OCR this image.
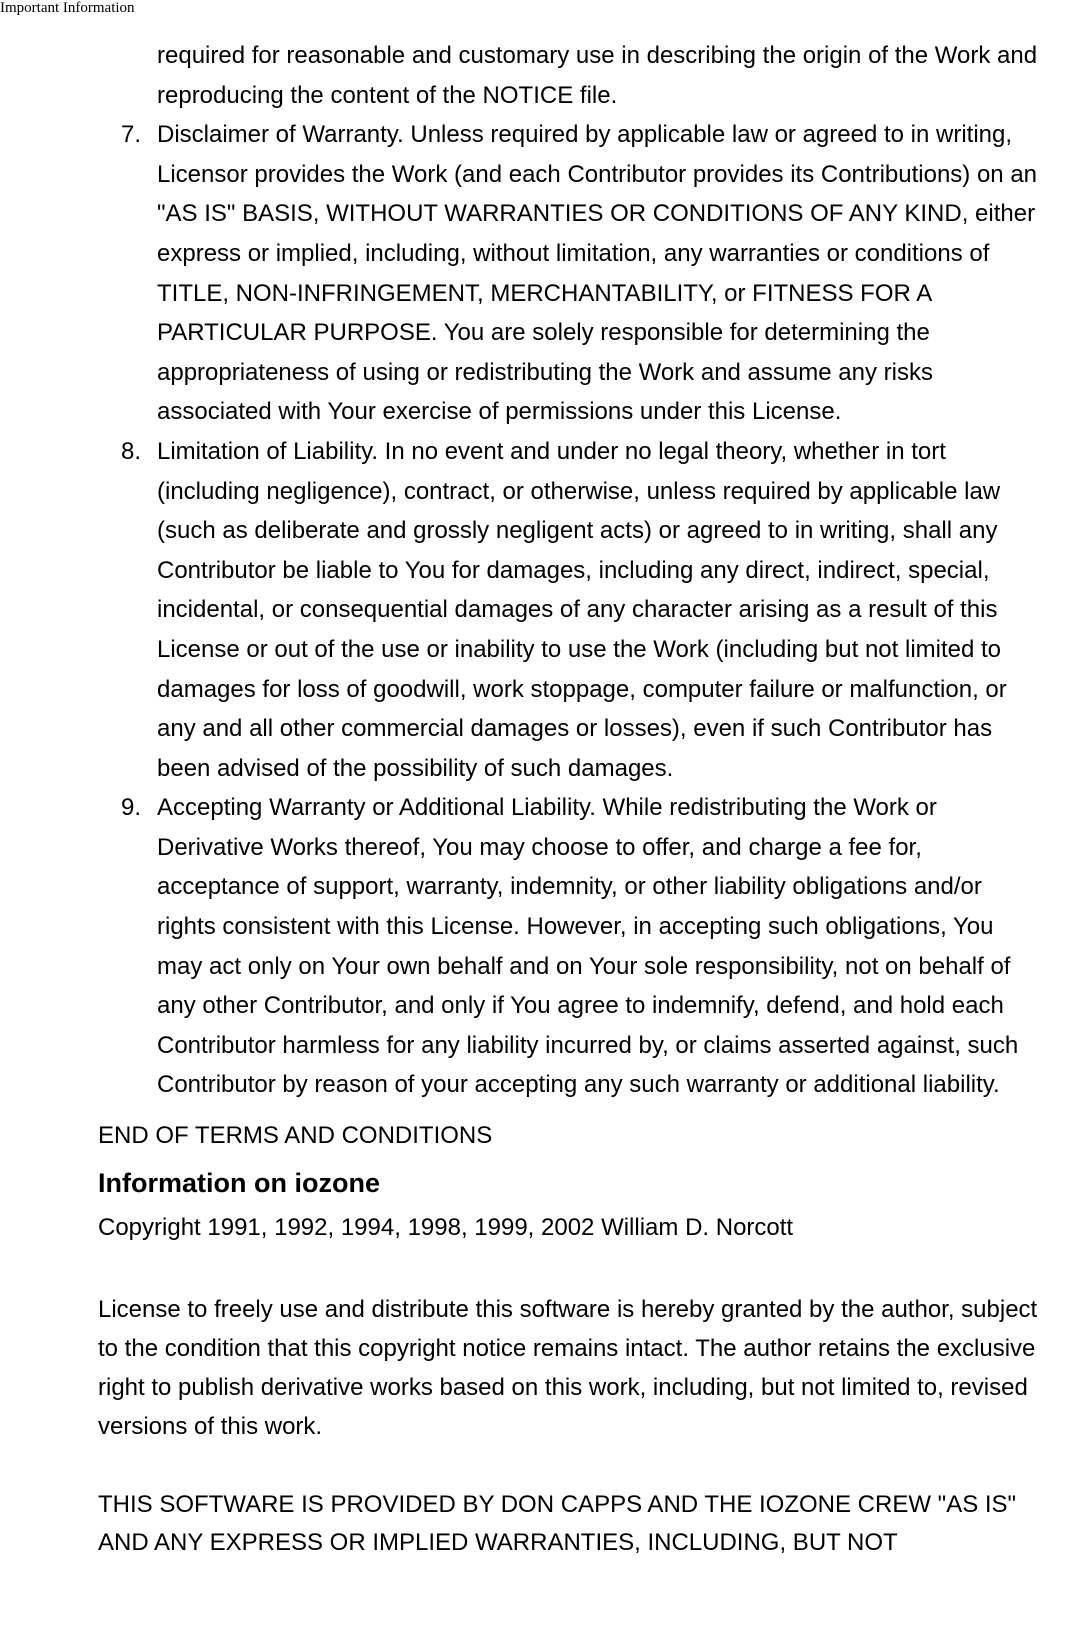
Important Information
required for reasonable and customary use in describing the origin of the Work and reproducing the content of the NOTICE file.
7. Disclaimer of Warranty. Unless required by applicable law or agreed to in writing, Licensor provides the Work (and each Contributor provides its Contributions) on an "AS IS" BASIS, WITHOUT WARRANTIES OR CONDITIONS OF ANY KIND, either express or implied, including, without limitation, any warranties or conditions of TITLE, NON-INFRINGEMENT, MERCHANTABILITY, or FITNESS FOR A PARTICULAR PURPOSE. You are solely responsible for determining the appropriateness of using or redistributing the Work and assume any risks associated with Your exercise of permissions under this License.
8. Limitation of Liability. In no event and under no legal theory, whether in tort (including negligence), contract, or otherwise, unless required by applicable law (such as deliberate and grossly negligent acts) or agreed to in writing, shall any Contributor be liable to You for damages, including any direct, indirect, special, incidental, or consequential damages of any character arising as a result of this License or out of the use or inability to use the Work (including but not limited to damages for loss of goodwill, work stoppage, computer failure or malfunction, or any and all other commercial damages or losses), even if such Contributor has been advised of the possibility of such damages.
9. Accepting Warranty or Additional Liability. While redistributing the Work or Derivative Works thereof, You may choose to offer, and charge a fee for, acceptance of support, warranty, indemnity, or other liability obligations and/or rights consistent with this License. However, in accepting such obligations, You may act only on Your own behalf and on Your sole responsibility, not on behalf of any other Contributor, and only if You agree to indemnify, defend, and hold each Contributor harmless for any liability incurred by, or claims asserted against, such Contributor by reason of your accepting any such warranty or additional liability.
END OF TERMS AND CONDITIONS
Information on iozone
Copyright 1991, 1992, 1994, 1998, 1999, 2002 William D. Norcott
License to freely use and distribute this software is hereby granted by the author, subject to the condition that this copyright notice remains intact. The author retains the exclusive right to publish derivative works based on this work, including, but not limited to, revised versions of this work.
THIS SOFTWARE IS PROVIDED BY DON CAPPS AND THE IOZONE CREW "AS IS" AND ANY EXPRESS OR IMPLIED WARRANTIES, INCLUDING, BUT NOT
